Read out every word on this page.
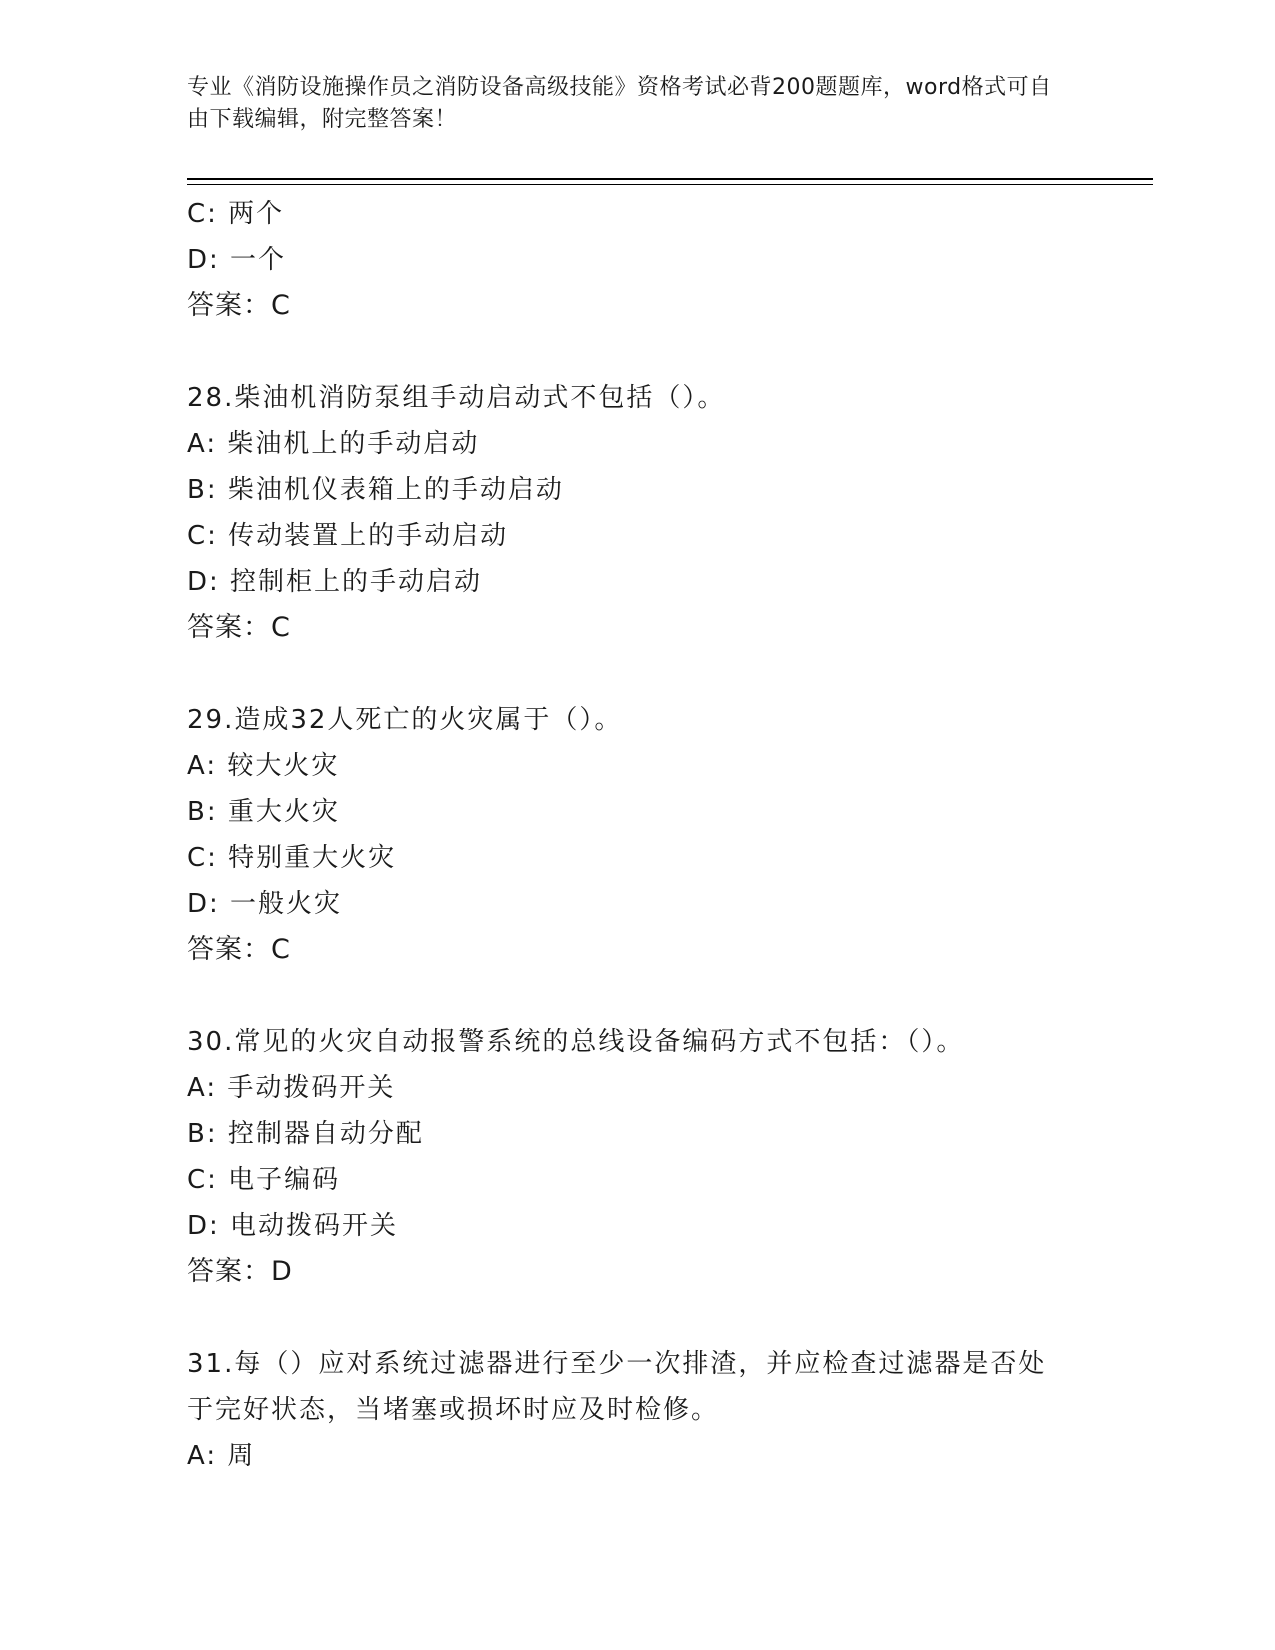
专业《消防设施操作员之消防设备高级技能》资格考试必背200题题库，word格式可自由下载编辑，附完整答案！
C: 两个
D: 一个
答案：C
28.柴油机消防泵组手动启动式不包括（）。
A: 柴油机上的手动启动
B: 柴油机仪表箱上的手动启动
C: 传动装置上的手动启动
D: 控制柜上的手动启动
答案：C
29.造成32人死亡的火灾属于（）。
A: 较大火灾
B: 重大火灾
C: 特别重大火灾
D: 一般火灾
答案：C
30.常见的火灾自动报警系统的总线设备编码方式不包括：（）。
A: 手动拨码开关
B: 控制器自动分配
C: 电子编码
D: 电动拨码开关
答案：D
31.每（）应对系统过滤器进行至少一次排渣，并应检查过滤器是否处
于完好状态，当堵塞或损坏时应及时检修。
A: 周
